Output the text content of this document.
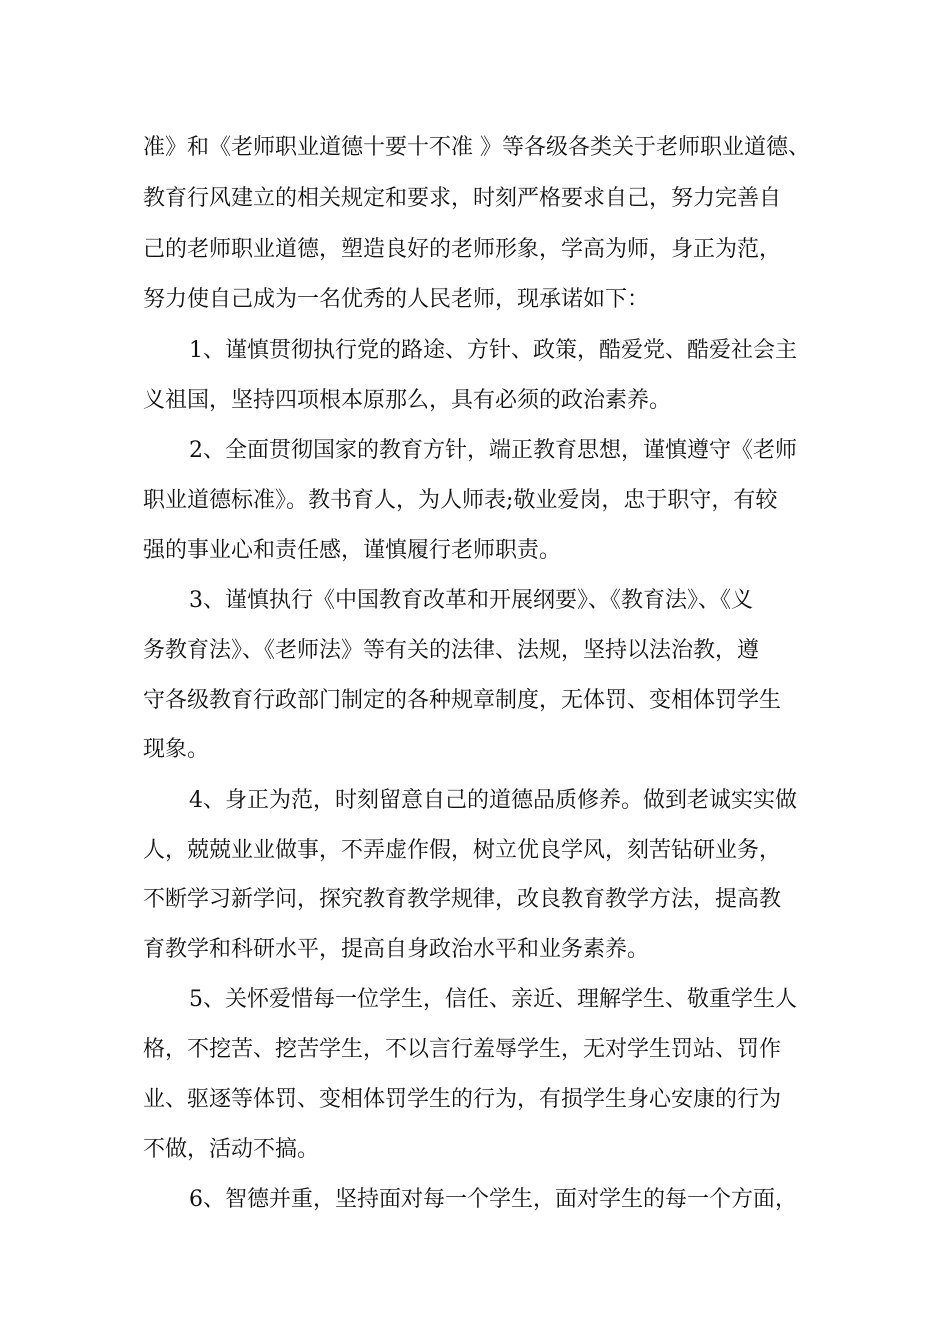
准》和《老师职业道德十要十不准 》等各级各类关于老师职业道德、

教育行风建立的相关规定和要求，时刻严格要求自己，努力完善自

己的老师职业道德，塑造良好的老师形象，学高为师，身正为范，

努力使自己成为一名优秀的人民老师，现承诺如下：

1、谨慎贯彻执行党的路途、方针、政策，酷爱党、酷爱社会主

义祖国，坚持四项根本原那么，具有必须的政治素养。

2、全面贯彻国家的教育方针，端正教育思想，谨慎遵守《老师

职业道德标准》。教书育人，为人师表;敬业爱岗，忠于职守，有较

强的事业心和责任感，谨慎履行老师职责。

3、谨慎执行《中国教育改革和开展纲要》、《教育法》、《义

务教育法》、《老师法》等有关的法律、法规，坚持以法治教，遵

守各级教育行政部门制定的各种规章制度，无体罚、变相体罚学生

现象。

4、身正为范，时刻留意自己的道德品质修养。做到老诚实实做

人，兢兢业业做事，不弄虚作假，树立优良学风，刻苦钻研业务，

不断学习新学问，探究教育教学规律，改良教育教学方法，提高教

育教学和科研水平，提高自身政治水平和业务素养。

5、关怀爱惜每一位学生，信任、亲近、理解学生、敬重学生人

格，不挖苦、挖苦学生，不以言行羞辱学生，无对学生罚站、罚作

业、驱逐等体罚、变相体罚学生的行为，有损学生身心安康的行为

不做，活动不搞。

6、智德并重，坚持面对每一个学生，面对学生的每一个方面，
